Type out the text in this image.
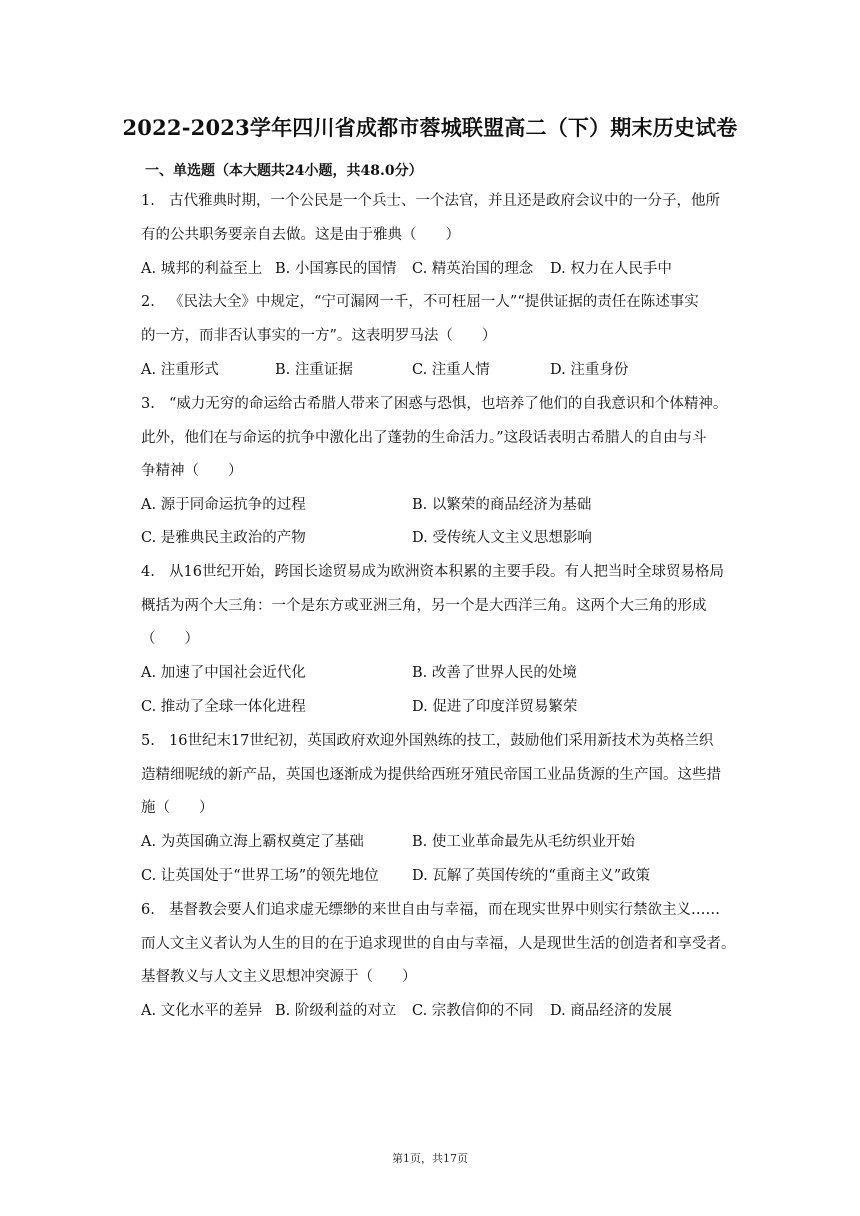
2022-2023学年四川省成都市蓉城联盟高二（下）期末历史试卷
一、单选题（本大题共24小题，共48.0分）
1. 古代雅典时期，一个公民是一个兵士、一个法官，并且还是政府会议中的一分子，他所
有的公共职务要亲自去做。这是由于雅典（　　）
A. 城邦的利益至上 B. 小国寡民的国情 C. 精英治国的理念 D. 权力在人民手中
2. 《民法大全》中规定，“宁可漏网一千，不可枉屈一人”“提供证据的责任在陈述事实
的一方，而非否认事实的一方”。这表明罗马法（　　）
A. 注重形式	B. 注重证据	C. 注重人情	D. 注重身份
3. “威力无穷的命运给古希腊人带来了困惑与恐惧，也培养了他们的自我意识和个体精神。
此外，他们在与命运的抗争中激化出了蓬勃的生命活力。”这段话表明古希腊人的自由与斗
争精神（　　）
A. 源于同命运抗争的过程	B. 以繁荣的商品经济为基础
C. 是雅典民主政治的产物	D. 受传统人文主义思想影响
4. 从16世纪开始，跨国长途贸易成为欧洲资本积累的主要手段。有人把当时全球贸易格局
概括为两个大三角：一个是东方或亚洲三角，另一个是大西洋三角。这两个大三角的形成
（　　）
A. 加速了中国社会近代化	B. 改善了世界人民的处境
C. 推动了全球一体化进程	D. 促进了印度洋贸易繁荣
5. 16世纪末17世纪初，英国政府欢迎外国熟练的技工，鼓励他们采用新技术为英格兰织
造精细呢绒的新产品，英国也逐渐成为提供给西班牙殖民帝国工业品货源的生产国。这些措
施（　　）
A. 为英国确立海上霸权奠定了基础	B. 使工业革命最先从毛纺织业开始
C. 让英国处于“世界工场”的领先地位 D. 瓦解了英国传统的“重商主义”政策
6. 基督教会要人们追求虚无缥缈的来世自由与幸福，而在现实世界中则实行禁欲主义……
而人文主义者认为人生的目的在于追求现世的自由与幸福，人是现世生活的创造者和享受者。
基督教义与人文主义思想冲突源于（　　）
A. 文化水平的差异 B. 阶级利益的对立 C. 宗教信仰的不同 D. 商品经济的发展
第1页，共17页
